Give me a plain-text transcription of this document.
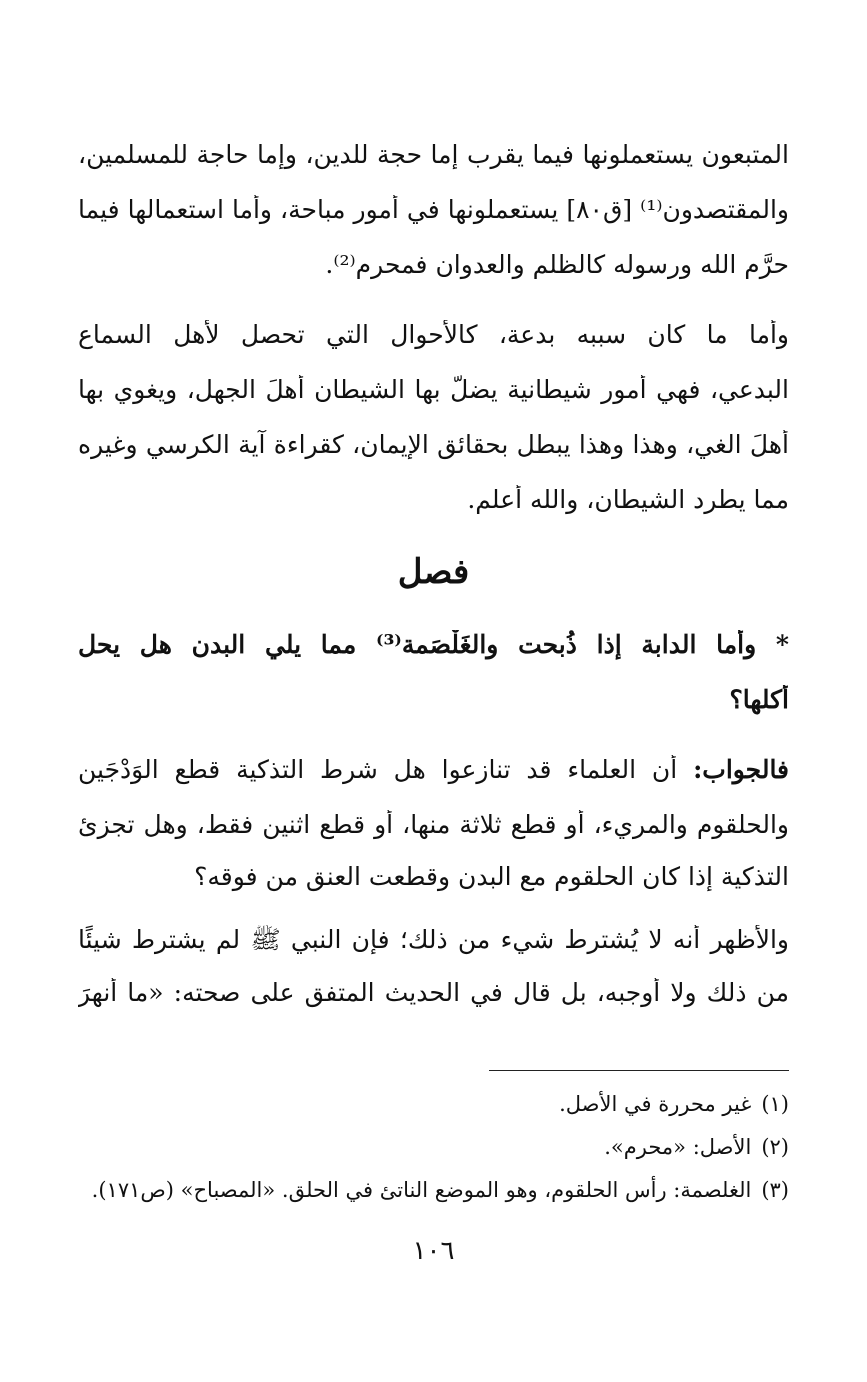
المتبعون يستعملونها فيما يقرب إما حجة للدين، وإما حاجة للمسلمين،
والمقتصدون⁽¹⁾ [ق٨٠] يستعملونها في أمور مباحة، وأما استعمالها فيما
حرَّم الله ورسوله كالظلم والعدوان فمحرم⁽²⁾.
وأما ما كان سببه بدعة، كالأحوال التي تحصل لأهل السماع
البدعي، فهي أمور شيطانية يضلّ بها الشيطان أهلَ الجهل، ويغوي بها
أهلَ الغي، وهذا وهذا يبطل بحقائق الإيمان، كقراءة آية الكرسي وغيره
مما يطرد الشيطان، والله أعلم.
فصل
* وأما الدابة إذا ذُبحت والغَلْصَمة⁽³⁾ مما يلي البدن هل يحل
أكلها؟
فالجواب: أن العلماء قد تنازعوا هل شرط التذكية قطع الوَدْجَين
والحلقوم والمريء، أو قطع ثلاثة منها، أو قطع اثنين فقط، وهل تجزئ
التذكية إذا كان الحلقوم مع البدن وقطعت العنق من فوقه؟
والأظهر أنه لا يُشترط شيء من ذلك؛ فإن النبي ﷺ لم يشترط شيئًا
من ذلك ولا أوجبه، بل قال في الحديث المتفق على صحته: «ما أنهرَ
(١)غير محررة في الأصل.
(٢)الأصل: «محرم».
(٣)الغلصمة: رأس الحلقوم، وهو الموضع الناتئ في الحلق. «المصباح» (ص١٧١).
١٠٦
